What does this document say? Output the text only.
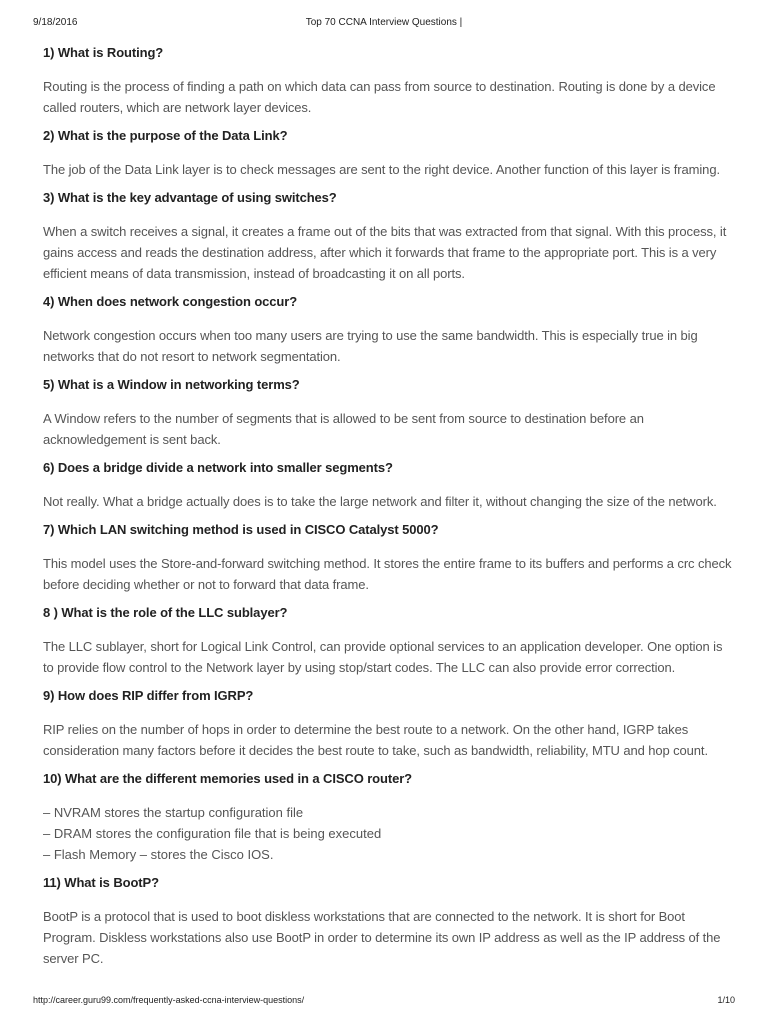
9/18/2016	Top 70 CCNA Interview Questions |
1) What is Routing?

Routing is the process of finding a path on which data can pass from source to destination. Routing is done by a device called routers, which are network layer devices.

2) What is the purpose of the Data Link?

The job of the Data Link layer is to check messages are sent to the right device. Another function of this layer is framing.

3) What is the key advantage of using switches?

When a switch receives a signal, it creates a frame out of the bits that was extracted from that signal. With this process, it gains access and reads the destination address, after which it forwards that frame to the appropriate port. This is a very efficient means of data transmission, instead of broadcasting it on all ports.

4) When does network congestion occur?

Network congestion occurs when too many users are trying to use the same bandwidth. This is especially true in big networks that do not resort to network segmentation.

5) What is a Window in networking terms?

A Window refers to the number of segments that is allowed to be sent from source to destination before an acknowledgement is sent back.

6) Does a bridge divide a network into smaller segments?

Not really. What a bridge actually does is to take the large network and filter it, without changing the size of the network.

7) Which LAN switching method is used in CISCO Catalyst 5000?

This model uses the Store-and-forward switching method. It stores the entire frame to its buffers and performs a crc check before deciding whether or not to forward that data frame.

8 ) What is the role of the LLC sublayer?

The LLC sublayer, short for Logical Link Control, can provide optional services to an application developer. One option is to provide flow control to the Network layer by using stop/start codes. The LLC can also provide error correction.

9) How does RIP differ from IGRP?

RIP relies on the number of hops in order to determine the best route to a network. On the other hand, IGRP takes consideration many factors before it decides the best route to take, such as bandwidth, reliability, MTU and hop count.

10) What are the different memories used in a CISCO router?
– NVRAM stores the startup configuration file
– DRAM stores the configuration file that is being executed
– Flash Memory – stores the Cisco IOS.
11) What is BootP?

BootP is a protocol that is used to boot diskless workstations that are connected to the network. It is short for Boot Program. Diskless workstations also use BootP in order to determine its own IP address as well as the IP address of the server PC.

http://career.guru99.com/frequently-asked-ccna-interview-questions/	1/10
